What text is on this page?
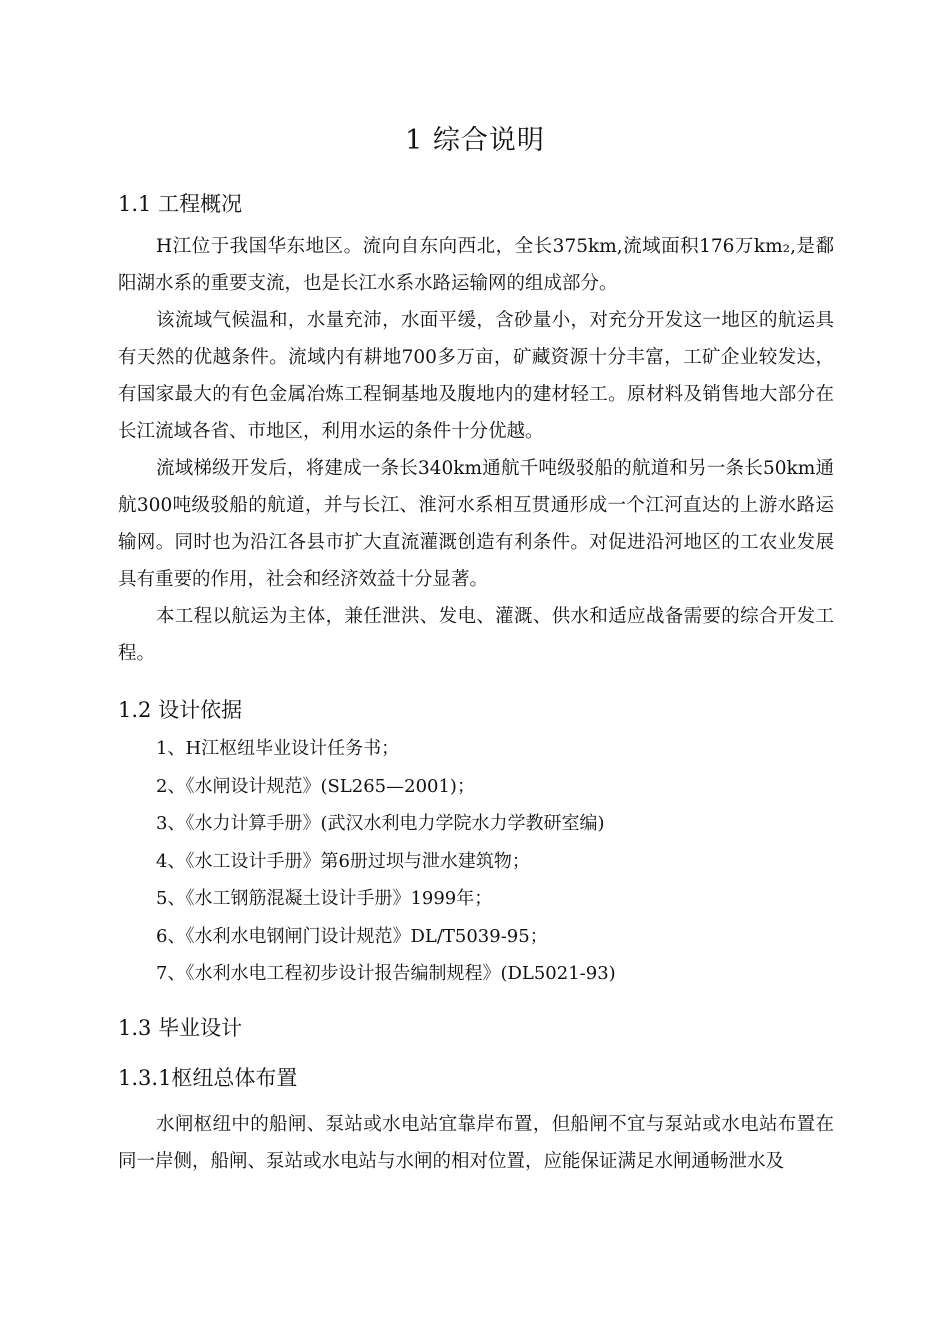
1 综合说明
1.1 工程概况

H江位于我国华东地区。流向自东向西北，全长375km,流域面积176万km₂,是鄱阳湖水系的重要支流，也是长江水系水路运输网的组成部分。

该流域气候温和，水量充沛，水面平缓，含砂量小，对充分开发这一地区的航运具有天然的优越条件。流域内有耕地700多万亩，矿藏资源十分丰富，工矿企业较发达，有国家最大的有色金属冶炼工程铜基地及腹地内的建材轻工。原材料及销售地大部分在长江流域各省、市地区，利用水运的条件十分优越。

流域梯级开发后，将建成一条长340km通航千吨级驳船的航道和另一条长50km通航300吨级驳船的航道，并与长江、淮河水系相互贯通形成一个江河直达的上游水路运输网。同时也为沿江各县市扩大直流灌溉创造有利条件。对促进沿河地区的工农业发展具有重要的作用，社会和经济效益十分显著。

本工程以航运为主体，兼任泄洪、发电、灌溉、供水和适应战备需要的综合开发工程。

1.2 设计依据
1、H江枢纽毕业设计任务书；
2、《水闸设计规范》(SL265—2001)；
3、《水力计算手册》(武汉水利电力学院水力学教研室编)
4、《水工设计手册》第6册过坝与泄水建筑物；
5、《水工钢筋混凝土设计手册》1999年；
6、《水利水电钢闸门设计规范》DL/T5039-95；
7、《水利水电工程初步设计报告编制规程》(DL5021-93)
1.3 毕业设计
1.3.1枢纽总体布置

水闸枢纽中的船闸、泵站或水电站宜靠岸布置，但船闸不宜与泵站或水电站布置在同一岸侧，船闸、泵站或水电站与水闸的相对位置，应能保证满足水闸通畅泄水及
